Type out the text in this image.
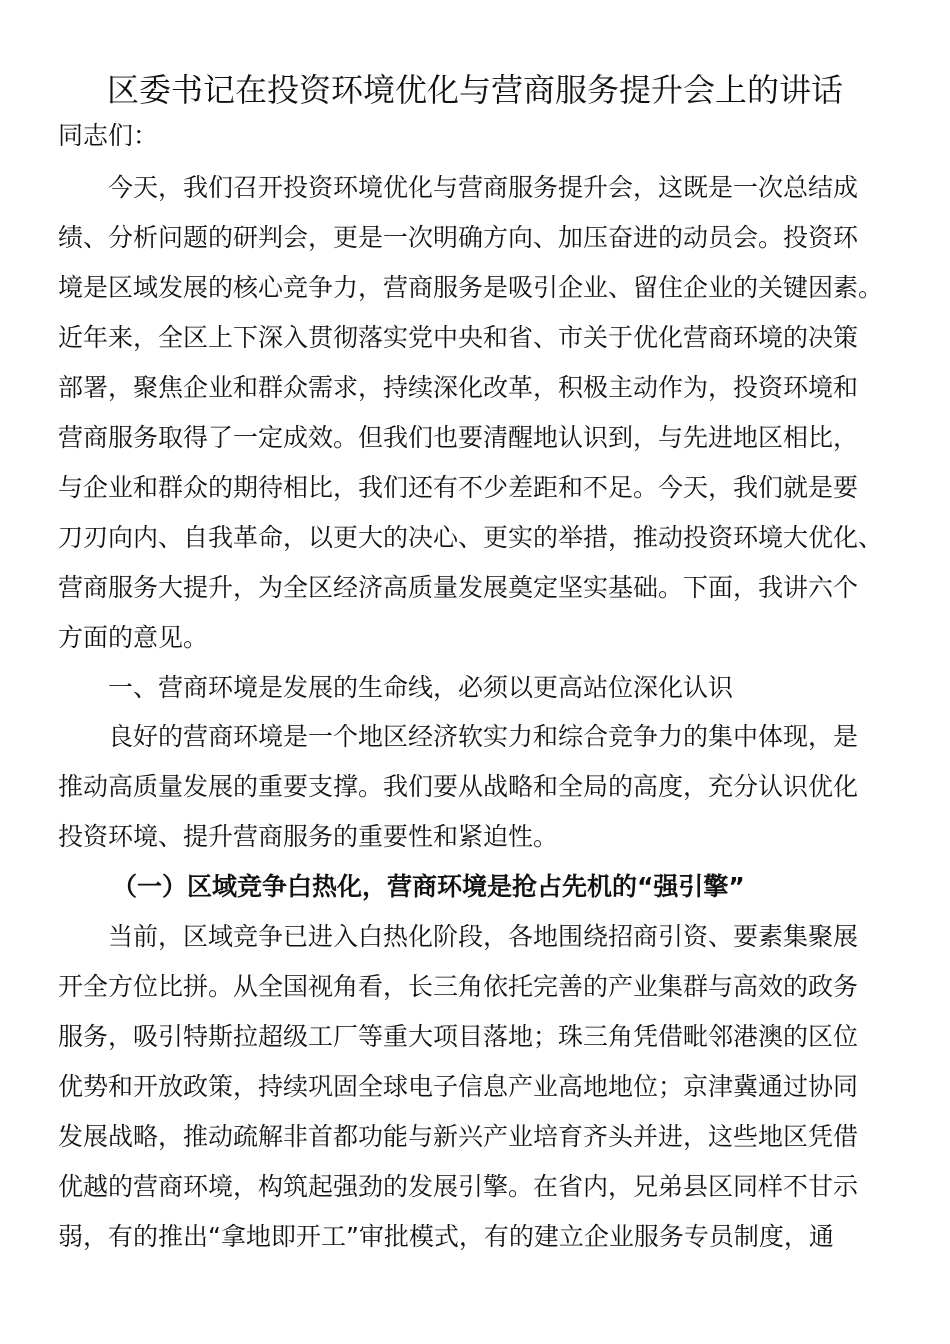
区委书记在投资环境优化与营商服务提升会上的讲话

同志们：

今天，我们召开投资环境优化与营商服务提升会，这既是一次总结成

绩、分析问题的研判会，更是一次明确方向、加压奋进的动员会。投资环

境是区域发展的核心竞争力，营商服务是吸引企业、留住企业的关键因素。

近年来，全区上下深入贯彻落实党中央和省、市关于优化营商环境的决策

部署，聚焦企业和群众需求，持续深化改革，积极主动作为，投资环境和

营商服务取得了一定成效。但我们也要清醒地认识到，与先进地区相比，

与企业和群众的期待相比，我们还有不少差距和不足。今天，我们就是要

刀刃向内、自我革命，以更大的决心、更实的举措，推动投资环境大优化、

营商服务大提升，为全区经济高质量发展奠定坚实基础。下面，我讲六个

方面的意见。

一、营商环境是发展的生命线，必须以更高站位深化认识

良好的营商环境是一个地区经济软实力和综合竞争力的集中体现，是

推动高质量发展的重要支撑。我们要从战略和全局的高度，充分认识优化

投资环境、提升营商服务的重要性和紧迫性。

（一）区域竞争白热化，营商环境是抢占先机的“强引擎”

当前，区域竞争已进入白热化阶段，各地围绕招商引资、要素集聚展

开全方位比拼。从全国视角看，长三角依托完善的产业集群与高效的政务

服务，吸引特斯拉超级工厂等重大项目落地；珠三角凭借毗邻港澳的区位

优势和开放政策，持续巩固全球电子信息产业高地地位；京津冀通过协同

发展战略，推动疏解非首都功能与新兴产业培育齐头并进，这些地区凭借

优越的营商环境，构筑起强劲的发展引擎。在省内，兄弟县区同样不甘示

弱，有的推出“拿地即开工”审批模式，有的建立企业服务专员制度，通
